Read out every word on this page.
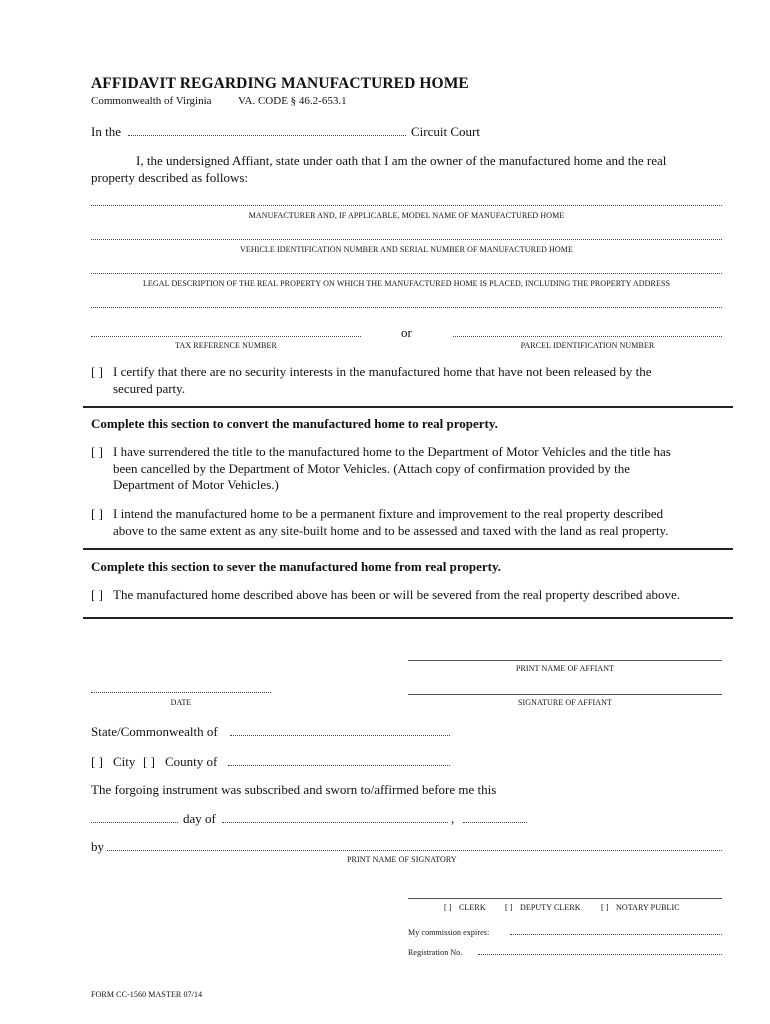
AFFIDAVIT REGARDING MANUFACTURED HOME
Commonwealth of Virginia VA. CODE § 46.2-653.1
In the	Circuit Court
I, the undersigned Affiant, state under oath that I am the owner of the manufactured home and the real
property described as follows:
MANUFACTURER AND, IF APPLICABLE, MODEL NAME OF MANUFACTURED HOME
VEHICLE IDENTIFICATION NUMBER AND SERIAL NUMBER OF MANUFACTURED HOME
LEGAL DESCRIPTION OF THE REAL PROPERTY ON WHICH THE MANUFACTURED HOME IS PLACED, INCLUDING THE PROPERTY ADDRESS
or
TAX REFERENCE NUMBER	PARCEL IDENTIFICATION NUMBER
[ ] I certify that there are no security interests in the manufactured home that have not been released by the
secured party.
Complete this section to convert the manufactured home to real property.
[ ] I have surrendered the title to the manufactured home to the Department of Motor Vehicles and the title has
been cancelled by the Department of Motor Vehicles. (Attach copy of confirmation provided by the
Department of Motor Vehicles.)
[ ] I intend the manufactured home to be a permanent fixture and improvement to the real property described
above to the same extent as any site-built home and to be assessed and taxed with the land as real property.
Complete this section to sever the manufactured home from real property.
[ ] The manufactured home described above has been or will be severed from the real property described above.
PRINT NAME OF AFFIANT
DATE	SIGNATURE OF AFFIANT
State/Commonwealth of
[ ] City [ ] County of
The forgoing instrument was subscribed and sworn to/affirmed before me this
day of	,
by
PRINT NAME OF SIGNATORY
[ ] CLERK [ ] DEPUTY CLERK	[ ] NOTARY PUBLIC
My commission expires:
Registration No.
FORM CC-1560 MASTER 07/14
